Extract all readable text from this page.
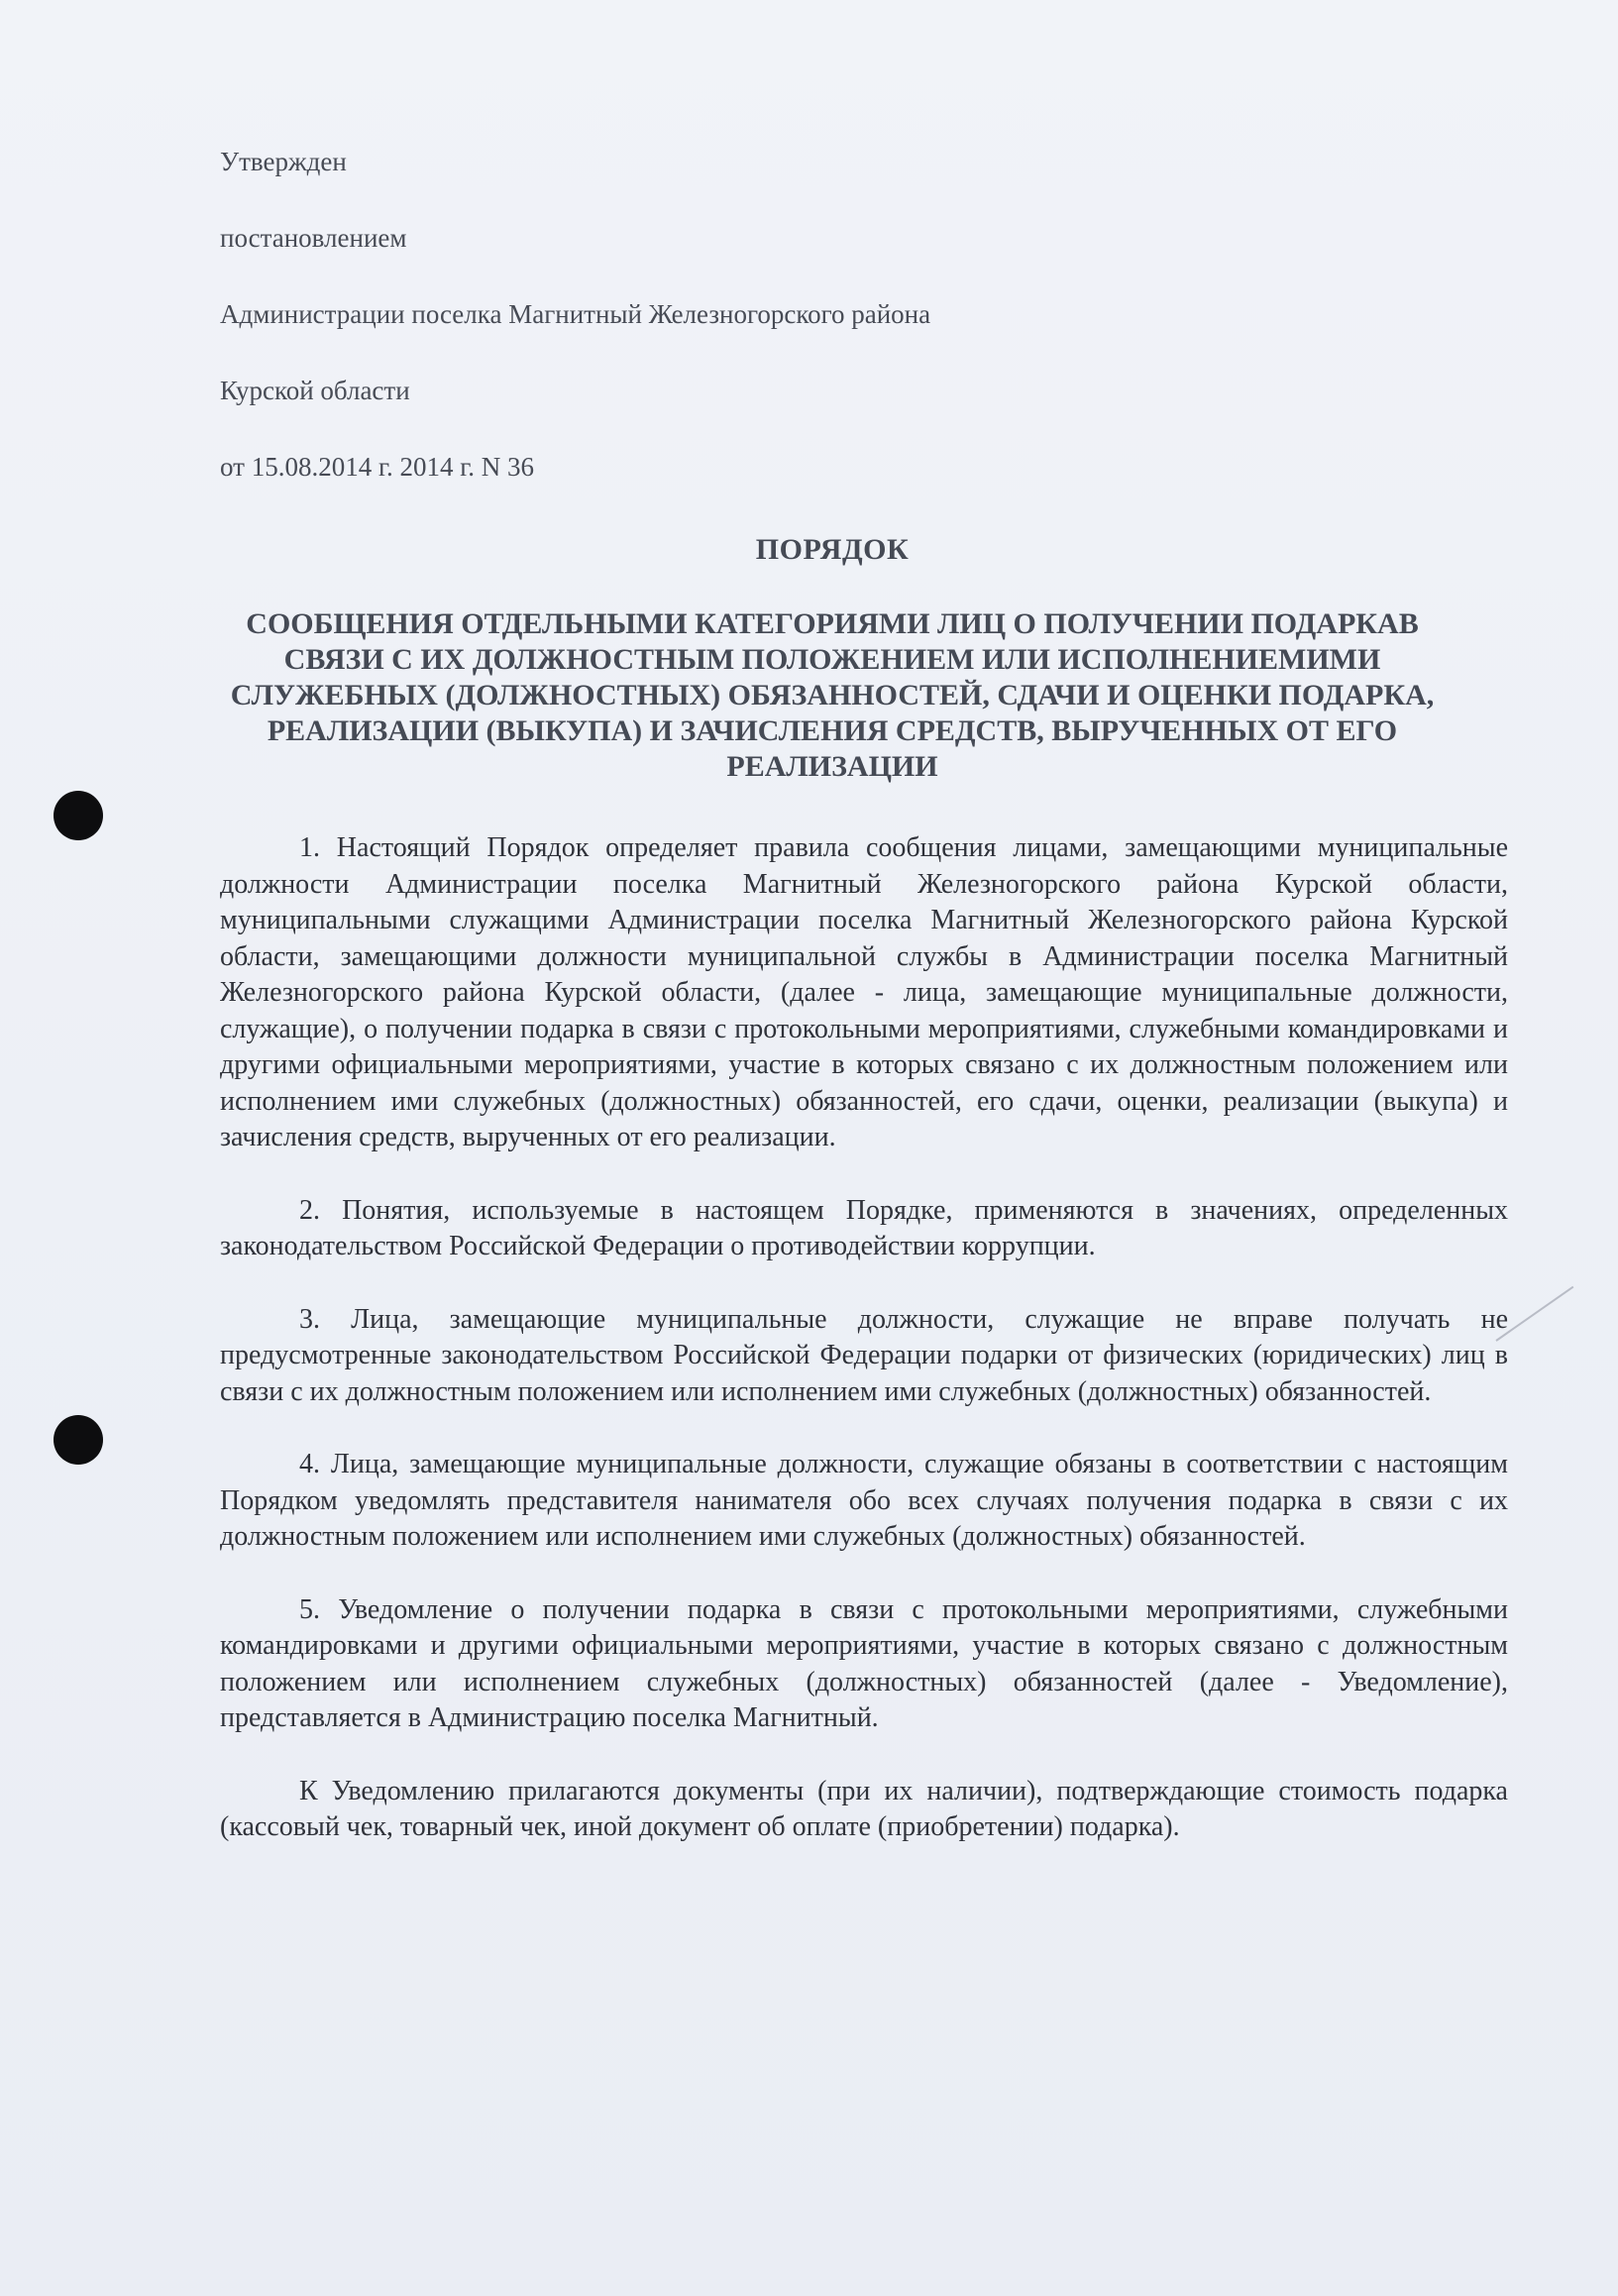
Утвержден
постановлением
Администрации поселка Магнитный Железногорского района
Курской области
от 15.08.2014 г. 2014 г. N 36
ПОРЯДОК
СООБЩЕНИЯ ОТДЕЛЬНЫМИ КАТЕГОРИЯМИ ЛИЦ О ПОЛУЧЕНИИ ПОДАРКАВ СВЯЗИ С ИХ ДОЛЖНОСТНЫМ ПОЛОЖЕНИЕМ ИЛИ ИСПОЛНЕНИЕМИМИ СЛУЖЕБНЫХ (ДОЛЖНОСТНЫХ) ОБЯЗАННОСТЕЙ, СДАЧИ И ОЦЕНКИ ПОДАРКА, РЕАЛИЗАЦИИ (ВЫКУПА) И ЗАЧИСЛЕНИЯ СРЕДСТВ, ВЫРУЧЕННЫХ ОТ ЕГО РЕАЛИЗАЦИИ

1. Настоящий Порядок определяет правила сообщения лицами, замещающими муниципальные должности Администрации поселка Магнитный Железногорского района Курской области, муниципальными служащими Администрации поселка Магнитный Железногорского района Курской области, замещающими должности муниципальной службы в Администрации поселка Магнитный Железногорского района Курской области, (далее - лица, замещающие муниципальные должности, служащие), о получении подарка в связи с протокольными мероприятиями, служебными командировками и другими официальными мероприятиями, участие в которых связано с их должностным положением или исполнением ими служебных (должностных) обязанностей, его сдачи, оценки, реализации (выкупа) и зачисления средств, вырученных от его реализации.

2. Понятия, используемые в настоящем Порядке, применяются в значениях, определенных законодательством Российской Федерации о противодействии коррупции.

3. Лица, замещающие муниципальные должности, служащие не вправе получать не предусмотренные законодательством Российской Федерации подарки от физических (юридических) лиц в связи с их должностным положением или исполнением ими служебных (должностных) обязанностей.

4. Лица, замещающие муниципальные должности, служащие обязаны в соответствии с настоящим Порядком уведомлять представителя нанимателя обо всех случаях получения подарка в связи с их должностным положением или исполнением ими служебных (должностных) обязанностей.

5. Уведомление о получении подарка в связи с протокольными мероприятиями, служебными командировками и другими официальными мероприятиями, участие в которых связано с должностным положением или исполнением служебных (должностных) обязанностей (далее - Уведомление), представляется в Администрацию поселка Магнитный.

К Уведомлению прилагаются документы (при их наличии), подтверждающие стоимость подарка (кассовый чек, товарный чек, иной документ об оплате (приобретении) подарка).
